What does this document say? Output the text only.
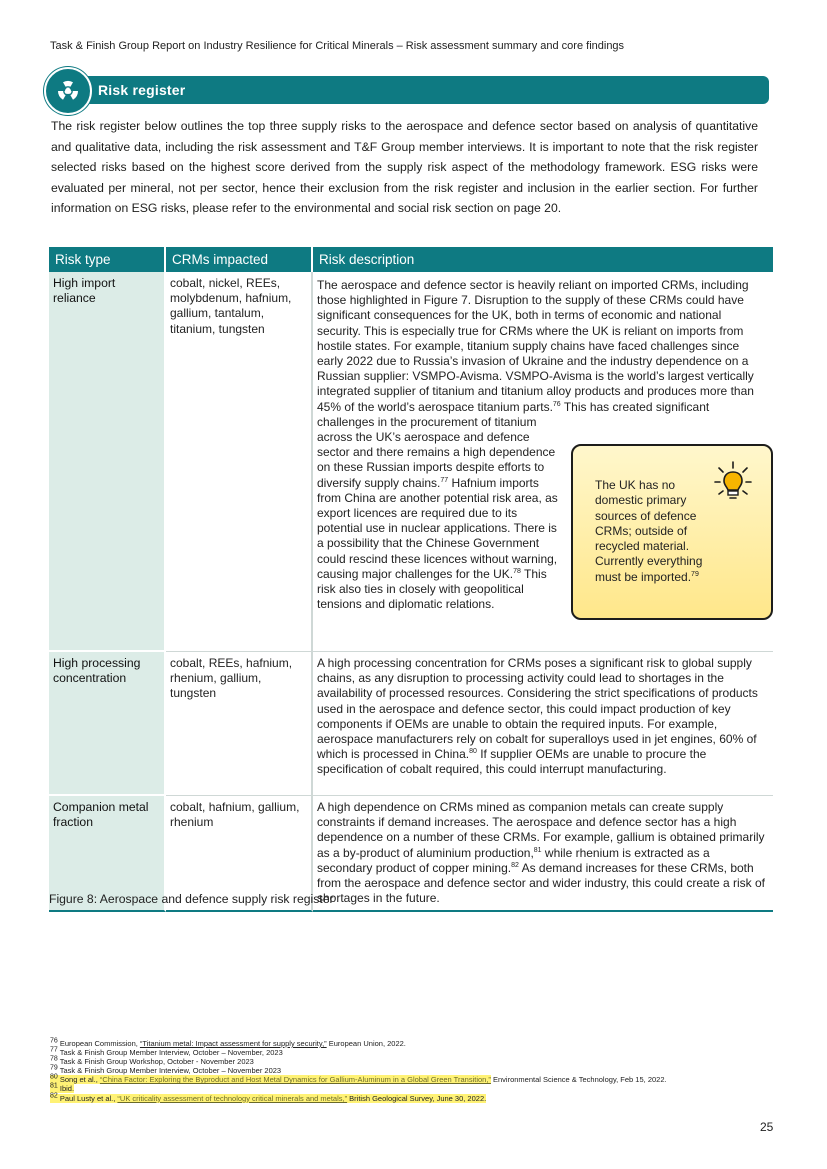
Task & Finish Group Report on Industry Resilience for Critical Minerals – Risk assessment summary and core findings
Risk register
The risk register below outlines the top three supply risks to the aerospace and defence sector based on analysis of quantitative and qualitative data, including the risk assessment and T&F Group member interviews. It is important to note that the risk register selected risks based on the highest score derived from the supply risk aspect of the methodology framework. ESG risks were evaluated per mineral, not per sector, hence their exclusion from the risk register and inclusion in the earlier section. For further information on ESG risks, please refer to the environmental and social risk section on page 20.
Risk type	CRMs impacted	Risk description
High import reliance	cobalt, nickel, REEs, molybdenum, hafnium, gallium, tantalum, titanium, tungsten	The aerospace and defence sector is heavily reliant on imported CRMs, including those highlighted in Figure 7. Disruption to the supply of these CRMs could have significant consequences for the UK, both in terms of economic and national security. This is especially true for CRMs where the UK is reliant on imports from hostile states. For example, titanium supply chains have faced challenges since early 2022 due to Russia’s invasion of Ukraine and the industry dependence on a Russian supplier: VSMPO-Avisma. VSMPO-Avisma is the world’s largest vertically integrated supplier of titanium and titanium alloy products and produces more than 45% of the world’s aerospace titanium parts.$^{76}$ This has created significant challenges in the procurement of titanium
across the UK’s aerospace and defence sector and there remains a high dependence on these Russian imports despite efforts to diversify supply chains.$^{77}$ Hafnium imports from China are another potential risk area, as export licences are required due to its potential use in nuclear applications. There is a possibility that the Chinese Government could rescind these licences without warning, causing major challenges for the UK.$^{78}$ This risk also ties in closely with geopolitical tensions and diplomatic relations.

High processing concentration	cobalt, REEs, hafnium, rhenium, gallium, tungsten	A high processing concentration for CRMs poses a significant risk to global supply chains, as any disruption to processing activity could lead to shortages in the availability of processed resources. Considering the strict specifications of products used in the aerospace and defence sector, this could impact production of key components if OEMs are unable to obtain the required inputs. For example, aerospace manufacturers rely on cobalt for superalloys used in jet engines, 60% of which is processed in China.$^{80}$ If supplier OEMs are unable to procure the specification of cobalt required, this could interrupt manufacturing.
Companion metal fraction	cobalt, hafnium, gallium, rhenium	A high dependence on CRMs mined as companion metals can create supply constraints if demand increases. The aerospace and defence sector has a high dependence on a number of these CRMs. For example, gallium is obtained primarily as a by-product of aluminium production,$^{81}$ while rhenium is extracted as a secondary product of copper mining.$^{82}$ As demand increases for these CRMs, both from the aerospace and defence sector and wider industry, this could create a risk of shortages in the future.
The UK has no domestic primary sources of defence CRMs; outside of recycled material. Currently everything must be imported.$^{79}$
Figure 8: Aerospace and defence supply risk register
$^{76}$ European Commission, “Titanium metal: Impact assessment for supply security,” European Union, 2022.
$^{77}$ Task & Finish Group Member Interview, October – November, 2023
$^{78}$ Task & Finish Group Workshop, October - November 2023
$^{79}$ Task & Finish Group Member Interview, October – November 2023
$^{80}$ Song et al., “China Factor: Exploring the Byproduct and Host Metal Dynamics for Gallium-Aluminum in a Global Green Transition,” Environmental Science & Technology, Feb 15, 2022.
$^{81}$ Ibid.
$^{82}$ Paul Lusty et al., “UK criticality assessment of technology critical minerals and metals,” British Geological Survey, June 30, 2022.
25
